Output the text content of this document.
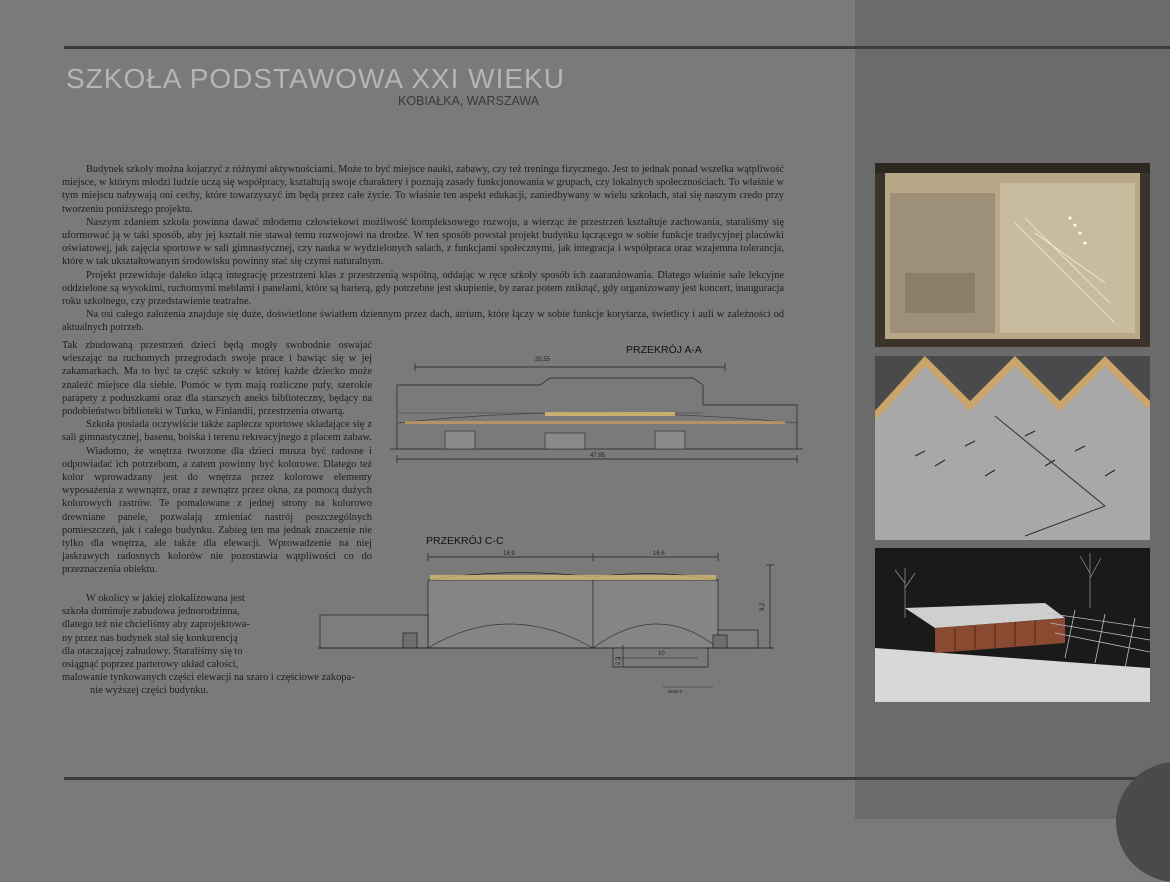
SZKOŁA PODSTAWOWA XXI WIEKU
KOBIAŁKA, WARSZAWA

Budynek szkoły można kojarzyć z różnymi aktywnościami. Może to być miejsce nauki, zabawy, czy też treningu fizycznego. Jest to jednak ponad wszelka wątpliwość miejsce, w którym młodzi ludzie uczą się współpracy, kształtują swoje charaktery i poznają zasady funkcjonowania w grupach, czy lokalnych społecznościach. To właśnie w tym miejscu nabywają oni cechy, które towarzyszyć im będą przez całe życie. To właśnie ten aspekt edukacji, zaniedbywany w wielu szkołach, stał się naszym credo przy tworzeniu poniższego projektu.

Naszym zdaniem szkoła powinna dawać młodemu człowiekowi możliwość kompleksowego rozwoju, a wierząc że przestrzeń kształtuje zachowania, staraliśmy się uformować ją w taki sposób, aby jej kształt nie stawał temu rozwojowi na drodze. W ten sposób powstał projekt budynku łączącego w sobie funkcje tradycyjnej placówki oświatowej, jak zajęcia sportowe w sali gimnastycznej, czy nauka w wydzielonych salach, z funkcjami społecznymi, jak integracja i współpraca oraz wzajemna tolerancja, które w tak ukształtowanym środowisku powinny stać się czymś naturalnym.

Projekt przewiduje daleko idącą integrację przestrzeni klas z przestrzenią wspólną, oddając w ręce szkoły sposób ich zaaranżowania. Dlatego właśnie sale lekcyjne oddzielone są wysokimi, ruchomymi meblami i panelami, które są barierą, gdy potrzebne jest skupienie, by zaraz potem zniknąć, gdy organizowany jest koncert, inauguracja roku szkolnego, czy przedstawienie teatralne.

Na osi całego założenia znajduje się duże, doświetlone światłem dziennym przez dach, atrium, które łączy w sobie funkcje korytarza, świetlicy i auli w zależności od aktualnych potrzeb.

Tak zbudowaną przestrzeń dzieci będą mogły swobodnie oswajać wieszając na ruchomych przegrodach swoje prace i bawiąc się w jej zakamarkach. Ma to być ta część szkoły w której każde dziecko może znaleźć miejsce dla siebie. Pomóc w tym mają rozliczne pufy, szerokie parapety z poduszkami oraz dla starszych aneks biblioteczny, będący na podobieństwo biblioteki w Turku, w Finlandii, przestrzenia otwartą.

Szkoła posiada oczywiście także zaplecze sportowe składające się z sali gimnastycznej, basenu, boiska i terenu rekreacyjnego z placem zabaw.

Wiadomo, że wnętrza tworzone dla dzieci musza być radosne i odpowiadać ich potrzebom, a zatem powinny być kolorowe. Dlatego też kolor wprowadzany jest do wnętrza przez kolorowe elementy wyposażenia z wewnątrz, oraz z zewnątrz przez okna, za pomocą dużych kolorowych rastrów. Te pomalowane z jednej strony na kolorowo drewniane panele, pozwalają zmieniać nastrój poszczególnych pomieszczeń, jak i całego budynku. Zabieg ten ma jednak znaczenie nie tylko dla wnętrza, ale także dla elewacji. Wprowadzenie na niej jaskrawych radosnych kolorów nie pozostawia wątpliwości co do przeznaczenia obiektu.

W okolicy w jakiej zlokalizowana jest

szkoła dominuje zabudowa jednorodzinna,

dlatego też nie chcieliśmy aby zaprojektowa-

ny przez nas budynek stał się konkurencją

dla otaczającej zabudowy. Staraliśmy się to

osiągnąć poprzez parterowy układ całości,

malowanie tynkowanych części elewacji na szaro i częściowe zakopa-

nie wyższej części budynku.

PRZEKRÓJ A-A
35,55
47,95
PRZEKRÓJ C-C
18,9	16,6
9,2
2,3
10
Detal 2
